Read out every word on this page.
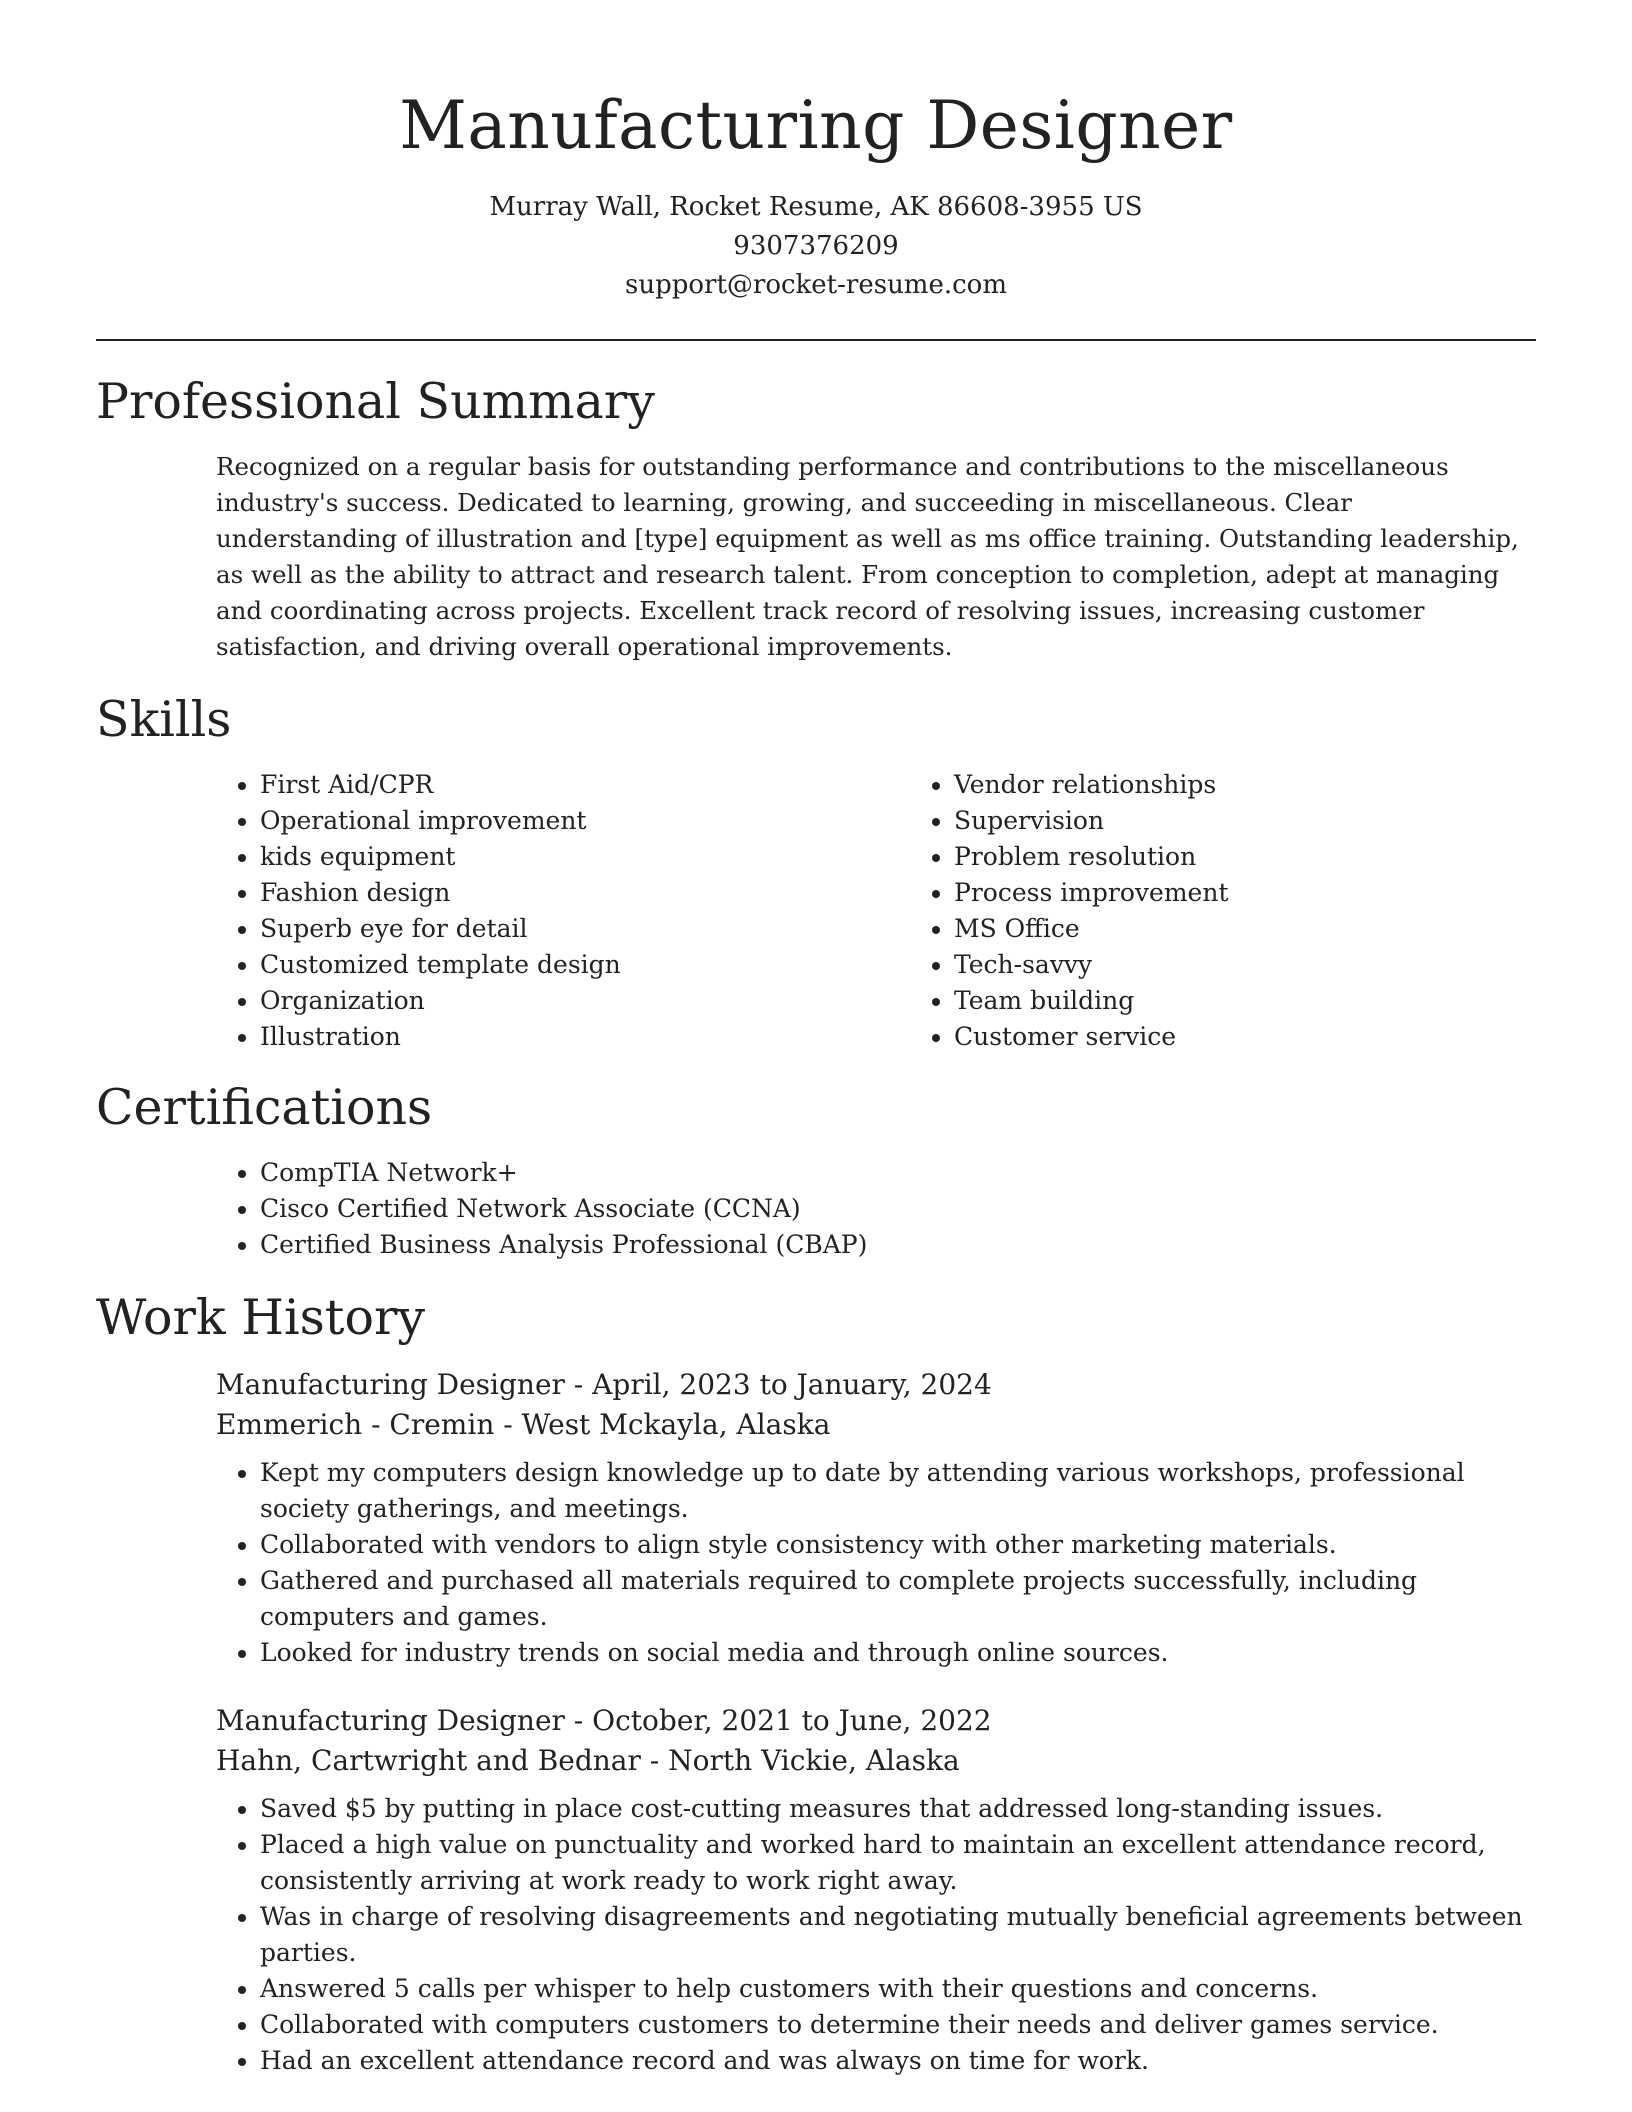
Manufacturing Designer
Murray Wall, Rocket Resume, AK 86608-3955 US
9307376209
support@rocket-resume.com
Professional Summary

Recognized on a regular basis for outstanding performance and contributions to the miscellaneous industry's success. Dedicated to learning, growing, and succeeding in miscellaneous. Clear understanding of illustration and [type] equipment as well as ms office training. Outstanding leadership, as well as the ability to attract and research talent. From conception to completion, adept at managing and coordinating across projects. Excellent track record of resolving issues, increasing customer satisfaction, and driving overall operational improvements.

Skills
• First Aid/CPR
• Operational improvement
• kids equipment
• Fashion design
• Superb eye for detail
• Customized template design
• Organization
• Illustration
• Vendor relationships
• Supervision
• Problem resolution
• Process improvement
• MS Office
• Tech-savvy
• Team building
• Customer service
Certifications
• CompTIA Network+
• Cisco Certified Network Associate (CCNA)
• Certified Business Analysis Professional (CBAP)
Work History

Manufacturing Designer - April, 2023 to January, 2024

Emmerich - Cremin - West Mckayla, Alaska

• Kept my computers design knowledge up to date by attending various workshops, professional society gatherings, and meetings.
• Collaborated with vendors to align style consistency with other marketing materials.
• Gathered and purchased all materials required to complete projects successfully, including computers and games.
• Looked for industry trends on social media and through online sources.

Manufacturing Designer - October, 2021 to June, 2022

Hahn, Cartwright and Bednar - North Vickie, Alaska

• Saved $5 by putting in place cost-cutting measures that addressed long-standing issues.
• Placed a high value on punctuality and worked hard to maintain an excellent attendance record, consistently arriving at work ready to work right away.
• Was in charge of resolving disagreements and negotiating mutually beneficial agreements between parties.
• Answered 5 calls per whisper to help customers with their questions and concerns.
• Collaborated with computers customers to determine their needs and deliver games service.
• Had an excellent attendance record and was always on time for work.
